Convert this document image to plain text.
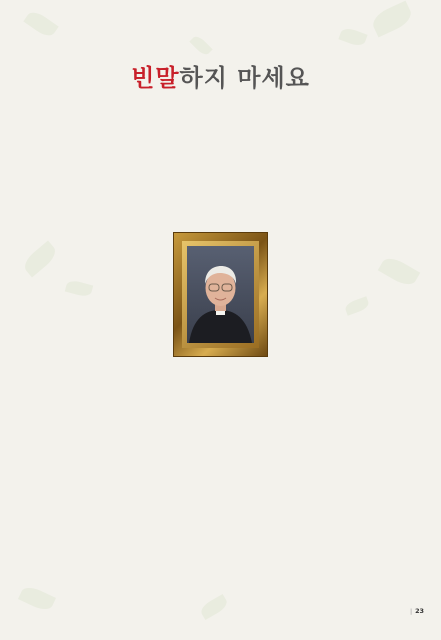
빈말하지 마세요

| 23
